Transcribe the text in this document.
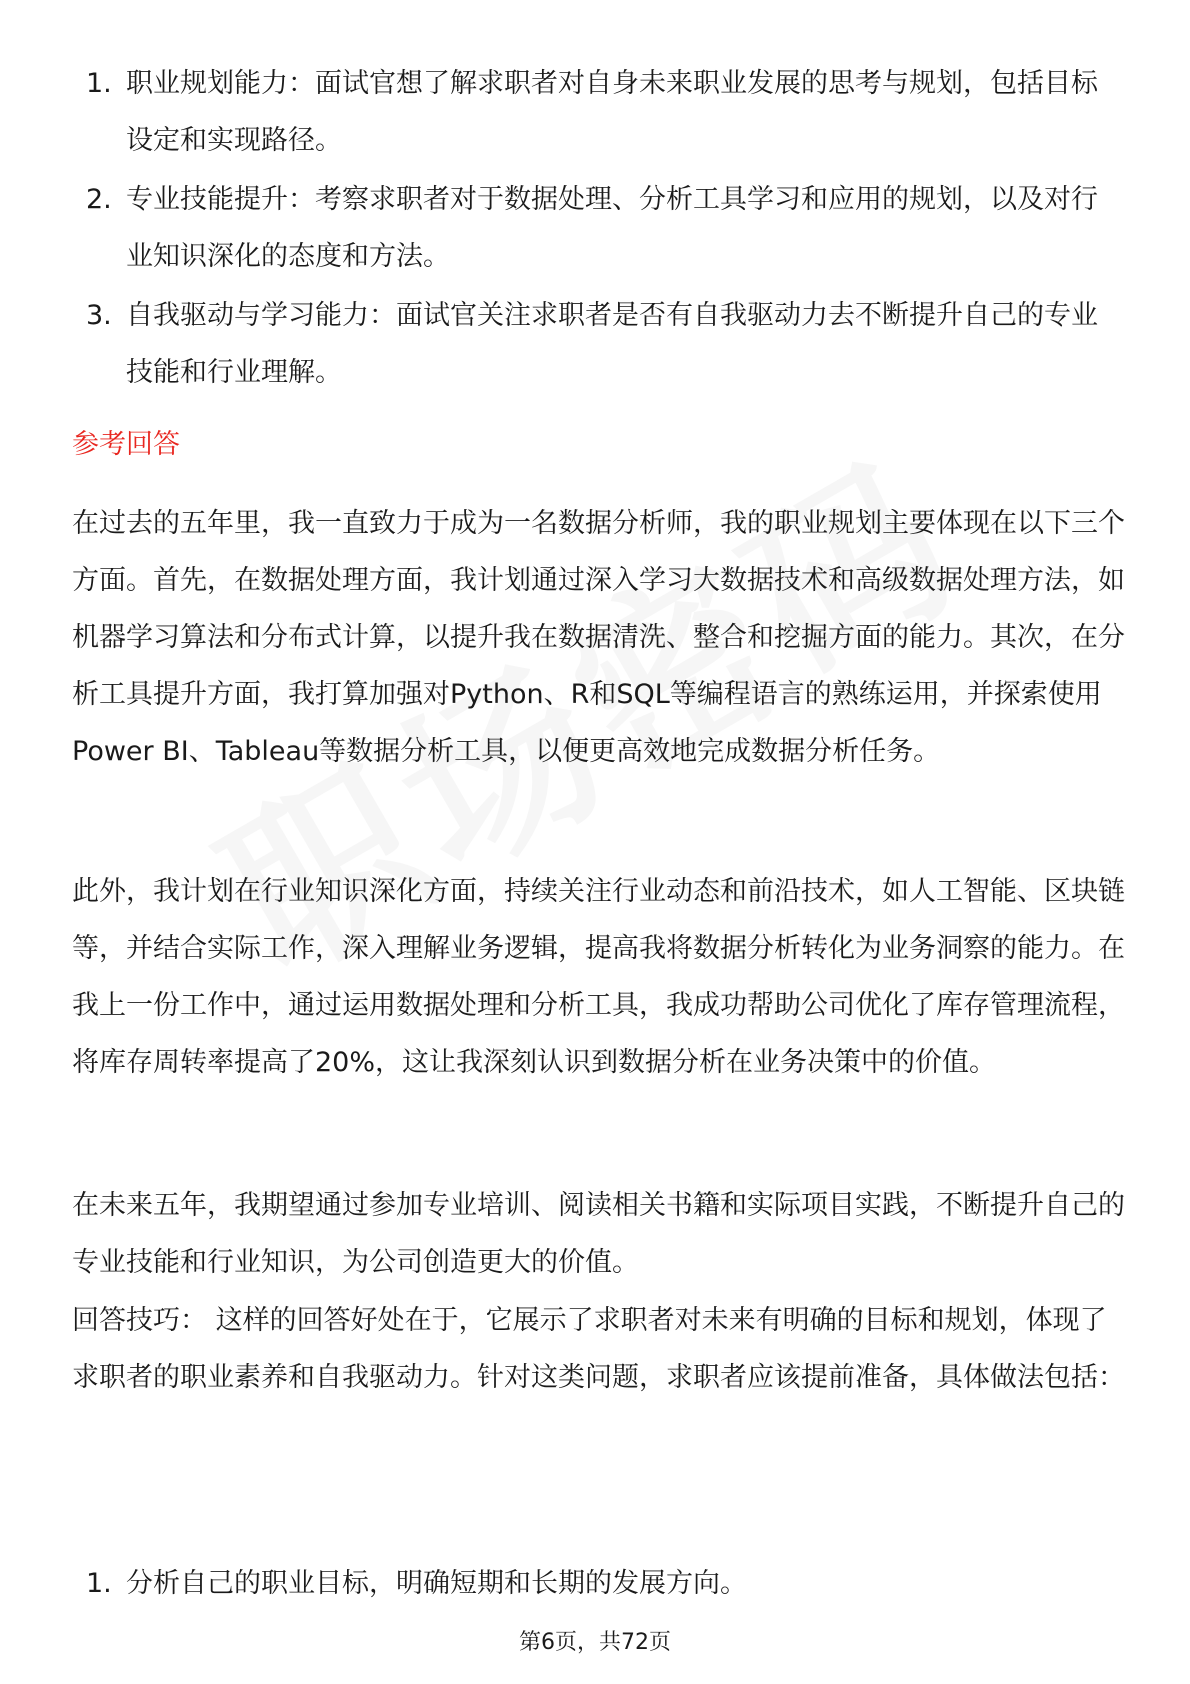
1. 职业规划能力：面试官想了解求职者对自身未来职业发展的思考与规划，包括目标设定和实现路径。
2. 专业技能提升：考察求职者对于数据处理、分析工具学习和应用的规划，以及对行业知识深化的态度和方法。
3. 自我驱动与学习能力：面试官关注求职者是否有自我驱动力去不断提升自己的专业技能和行业理解。
参考回答

在过去的五年里，我一直致力于成为一名数据分析师，我的职业规划主要体现在以下三个方面。首先，在数据处理方面，我计划通过深入学习大数据技术和高级数据处理方法，如机器学习算法和分布式计算，以提升我在数据清洗、整合和挖掘方面的能力。其次，在分析工具提升方面，我打算加强对Python、R和SQL等编程语言的熟练运用，并探索使用Power BI、Tableau等数据分析工具，以便更高效地完成数据分析任务。

此外，我计划在行业知识深化方面，持续关注行业动态和前沿技术，如人工智能、区块链等，并结合实际工作，深入理解业务逻辑，提高我将数据分析转化为业务洞察的能力。在我上一份工作中，通过运用数据处理和分析工具，我成功帮助公司优化了库存管理流程，将库存周转率提高了20%，这让我深刻认识到数据分析在业务决策中的价值。

在未来五年，我期望通过参加专业培训、阅读相关书籍和实际项目实践，不断提升自己的专业技能和行业知识，为公司创造更大的价值。

回答技巧： 这样的回答好处在于，它展示了求职者对未来有明确的目标和规划，体现了求职者的职业素养和自我驱动力。针对这类问题，求职者应该提前准备，具体做法包括：

1. 分析自己的职业目标，明确短期和长期的发展方向。
第6页，共72页
